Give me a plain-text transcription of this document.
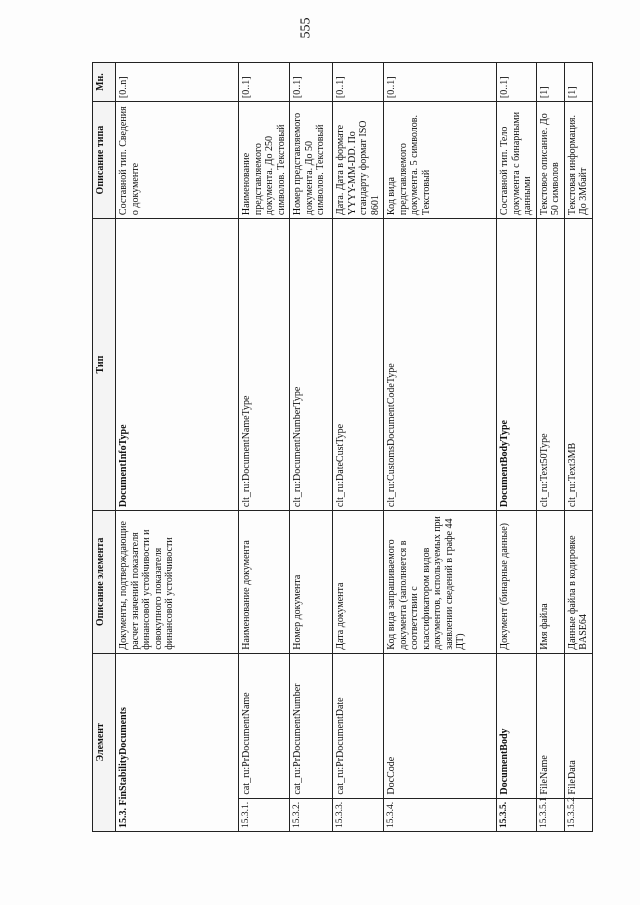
555
Элемент		Описание элемента	Тип	Описание типа	Мн.
15.3. FinStabilityDocuments		Документы, подтверждающие расчет значений показателя финансовой устойчивости и совокупного показателя финансовой устойчивости	DocumentInfoType	Составной тип. Сведения о документе	[0..n]
15.3.1.	cat_ru:PrDocumentName	Наименование документа	clt_ru:DocumentNameType	Наименование представляемого документа. До 250 символов. Текстовый	[0..1]
15.3.2.	cat_ru:PrDocumentNumber	Номер документа	clt_ru:DocumentNumberType	Номер представляемого документа. До 50 символов. Текстовый	[0..1]
15.3.3.	cat_ru:PrDocumentDate	Дата документа	clt_ru:DateCustType	Дата. Дата в формате YYYY-MM-DD. По стандарту формат ISO 8601	[0..1]
15.3.4.	DocCode	Код вида запрашиваемого документа (заполняется в соответствии с классификатором видов документов, используемых при заявлении сведений в графе 44 ДТ)	clt_ru:CustomsDocumentCodeType	Код вида представляемого документа. 5 символов. Текстовый	[0..1]
15.3.5.	DocumentBody	Документ (бинарные данные)	DocumentBodyType	Составной тип. Тело документа с бинарными данными	[0..1]
15.3.5.1	FileName	Имя файла	clt_ru:Text50Type	Текстовое описание. До 50 символов	[1]
15.3.5.2	FileData	Данные файла в кодировке BASE64	clt_ru:Text3MB	Текстовая информация. До 3Мбайт	[1]
